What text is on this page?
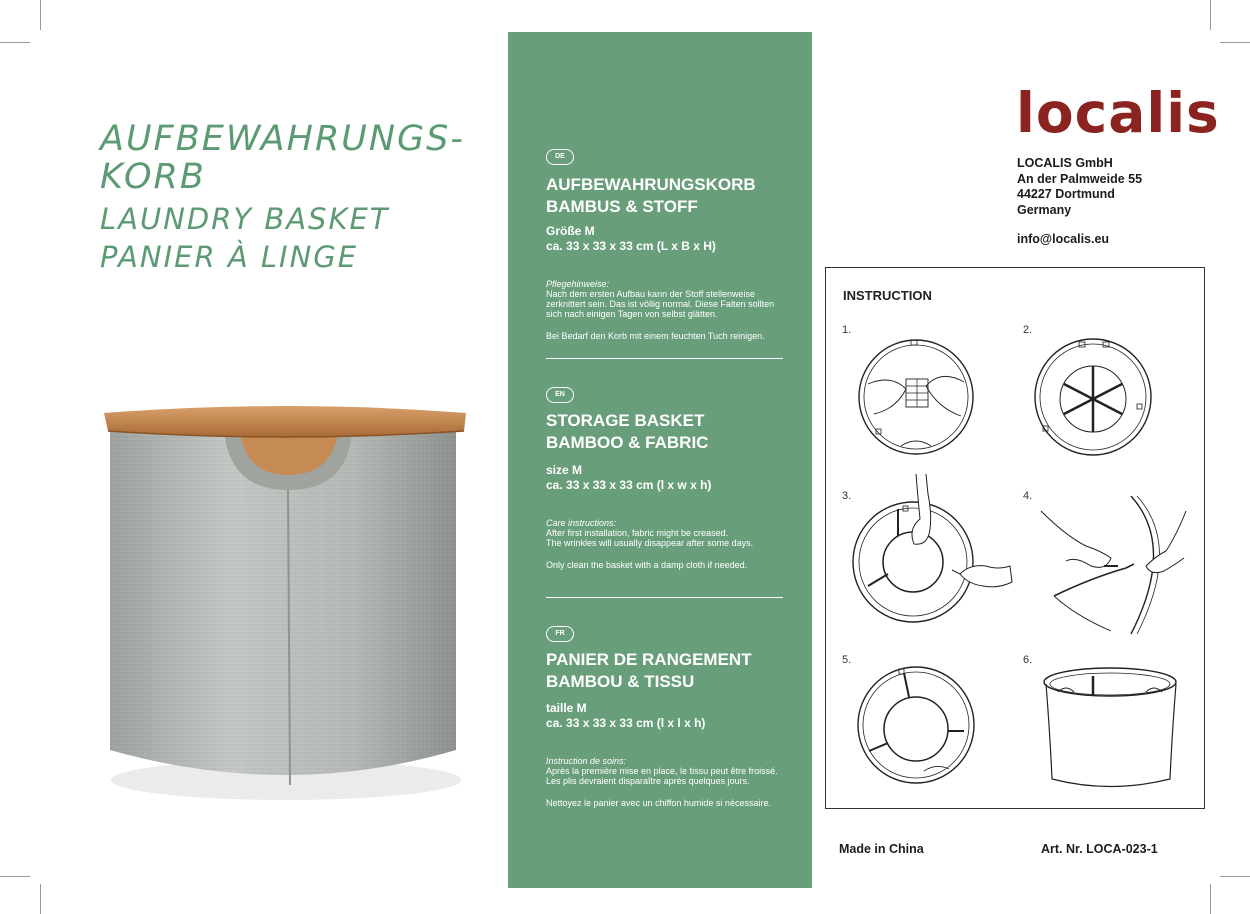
AUFBEWAHRUNGS-
KORB
LAUNDRY BASKET
PANIER À LINGE
DE
AUFBEWAHRUNGSKORB
BAMBUS & STOFF
Größe M
ca. 33 x 33 x 33 cm (L x B x H)
Pflegehinweise:
Nach dem ersten Aufbau kann der Stoff stellenweise
zerknittert sein. Das ist völlig normal. Diese Falten sollten
sich nach einigen Tagen von selbst glätten.
Bei Bedarf den Korb mit einem feuchten Tuch reinigen.
EN
STORAGE BASKET
BAMBOO & FABRIC
size M
ca. 33 x 33 x 33 cm (l x w x h)
Care instructions:
After first installation, fabric might be creased.
The wrinkles will usually disappear after some days.
Only clean the basket with a damp cloth if needed.
FR
PANIER DE RANGEMENT
BAMBOU & TISSU
taille M
ca. 33 x 33 x 33 cm (l x l x h)
Instruction de soins:
Après la première mise en place, le tissu peut être froissé.
Les plis devraient disparaître après quelques jours.
Nettoyez le panier avec un chiffon humide si nécessaire.
localis
LOCALIS GmbH
An der Palmweide 55
44227 Dortmund
Germany
info@localis.eu
INSTRUCTION
1.	2.
3.	4.
5.	6.
Made in China	Art. Nr. LOCA-023-1
